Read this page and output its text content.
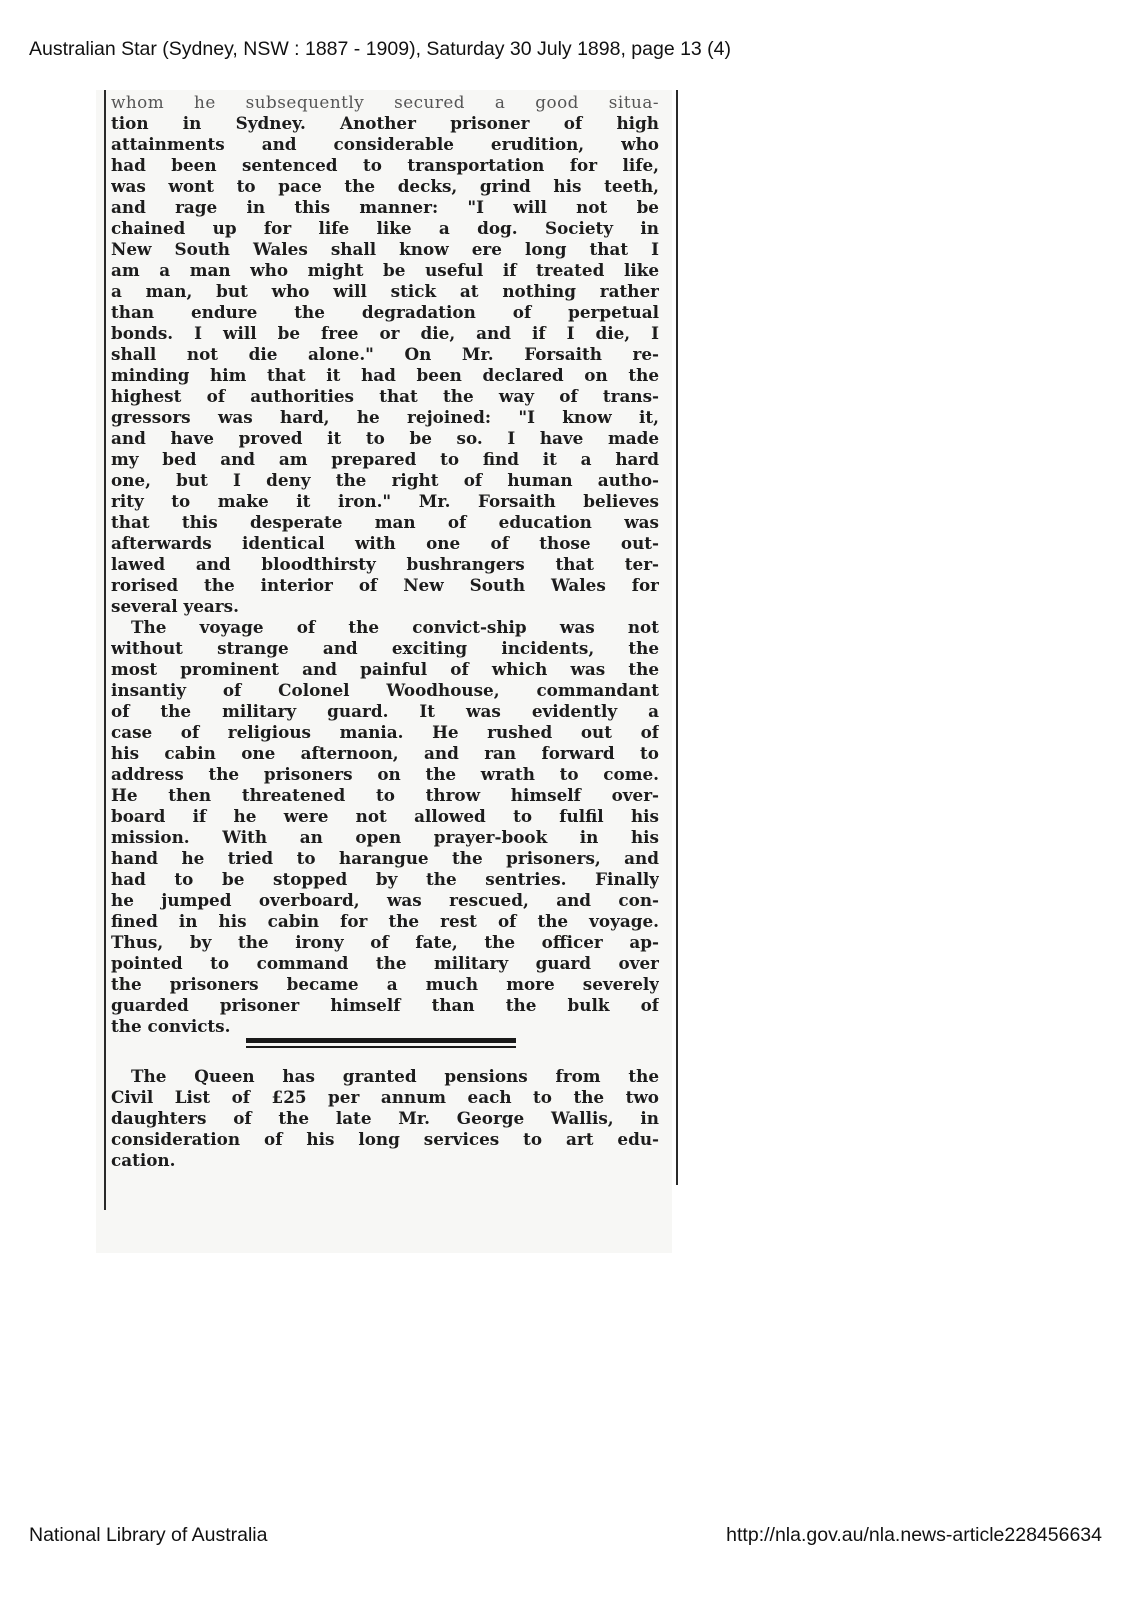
Australian Star (Sydney, NSW : 1887 - 1909), Saturday 30 July 1898, page 13 (4)
whom he subsequently secured a good situa-
tion in Sydney. Another prisoner of high
attainments and considerable erudition, who
had been sentenced to transportation for life,
was wont to pace the decks, grind his teeth,
and rage in this manner: "I will not be
chained up for life like a dog. Society in
New South Wales shall know ere long that I
am a man who might be useful if treated like
a man, but who will stick at nothing rather
than endure the degradation of perpetual
bonds. I will be free or die, and if I die, I
shall not die alone." On Mr. Forsaith re-
minding him that it had been declared on the
highest of authorities that the way of trans-
gressors was hard, he rejoined: "I know it,
and have proved it to be so. I have made
my bed and am prepared to find it a hard
one, but I deny the right of human autho-
rity to make it iron." Mr. Forsaith believes
that this desperate man of education was
afterwards identical with one of those out-
lawed and bloodthirsty bushrangers that ter-
rorised the interior of New South Wales for
several years.
The voyage of the convict-ship was not
without strange and exciting incidents, the
most prominent and painful of which was the
insantiy of Colonel Woodhouse, commandant
of the military guard. It was evidently a
case of religious mania. He rushed out of
his cabin one afternoon, and ran forward to
address the prisoners on the wrath to come.
He then threatened to throw himself over-
board if he were not allowed to fulfil his
mission. With an open prayer-book in his
hand he tried to harangue the prisoners, and
had to be stopped by the sentries. Finally
he jumped overboard, was rescued, and con-
fined in his cabin for the rest of the voyage.
Thus, by the irony of fate, the officer ap-
pointed to command the military guard over
the prisoners became a much more severely
guarded prisoner himself than the bulk of
the convicts.
The Queen has granted pensions from the
Civil List of £25 per annum each to the two
daughters of the late Mr. George Wallis, in
consideration of his long services to art edu-
cation.
National Library of Australia	http://nla.gov.au/nla.news-article228456634
